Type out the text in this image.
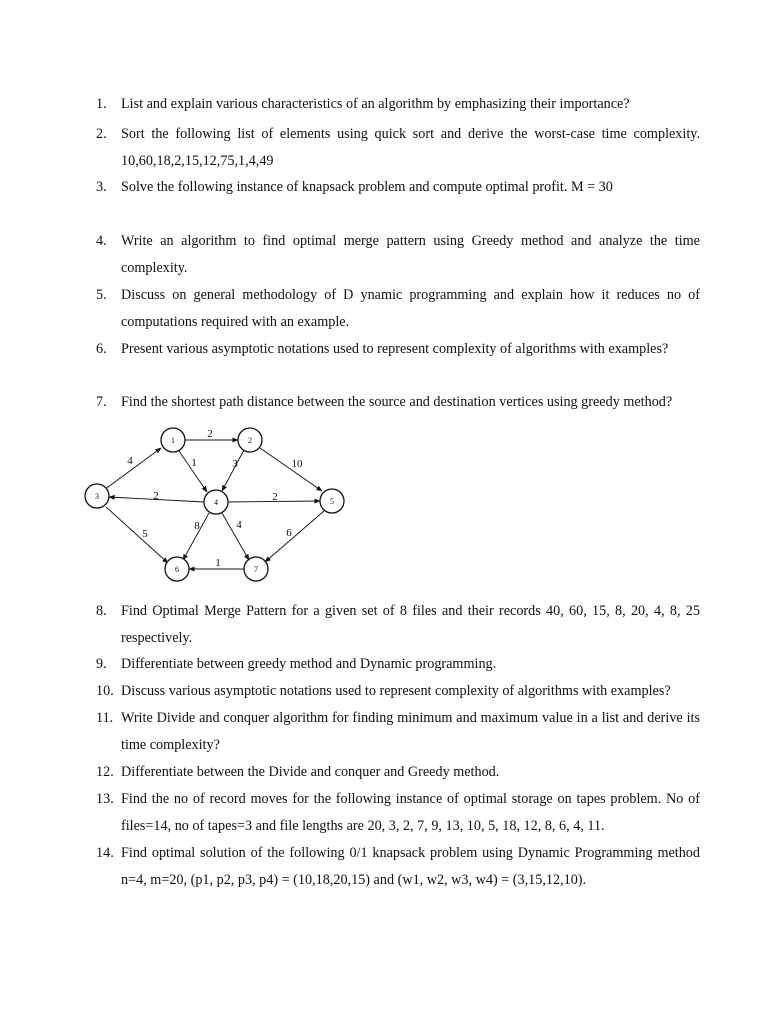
1.	List and explain various characteristics of an algorithm by emphasizing their importance?
2.	Sort the following list of elements using quick sort and derive the worst-case time complexity. 10,60,18,2,15,12,75,1,4,49
3.	Solve the following instance of knapsack problem and compute optimal profit. M = 30
4.	Write an algorithm to find optimal merge pattern using Greedy method and analyze the time complexity.
5.	Discuss on general methodology of D ynamic programming and explain how it reduces no of computations required with an example.
6.	Present various asymptotic notations used to represent complexity of algorithms with examples?
7.	Find the shortest path distance between the source and destination vertices using greedy method?
1	2
3
4	5
6	7
4
2
1	3	10
2	2
5
8	4
6
1
8.	Find Optimal Merge Pattern for a given set of 8 files and their records 40, 60, 15, 8, 20, 4, 8, 25 respectively.
9.	Differentiate between greedy method and Dynamic programming.
10. Discuss various asymptotic notations used to represent complexity of algorithms with examples?
11. Write Divide and conquer algorithm for finding minimum and maximum value in a list and derive its time complexity?
12. Differentiate between the Divide and conquer and Greedy method.
13. Find the no of record moves for the following instance of optimal storage on tapes problem. No of files=14, no of tapes=3 and file lengths are 20, 3, 2, 7, 9, 13, 10, 5, 18, 12, 8, 6, 4, 11.
14. Find optimal solution of the following 0/1 knapsack problem using Dynamic Programming method n=4, m=20, (p1, p2, p3, p4) = (10,18,20,15) and (w1, w2, w3, w4) = (3,15,12,10).
